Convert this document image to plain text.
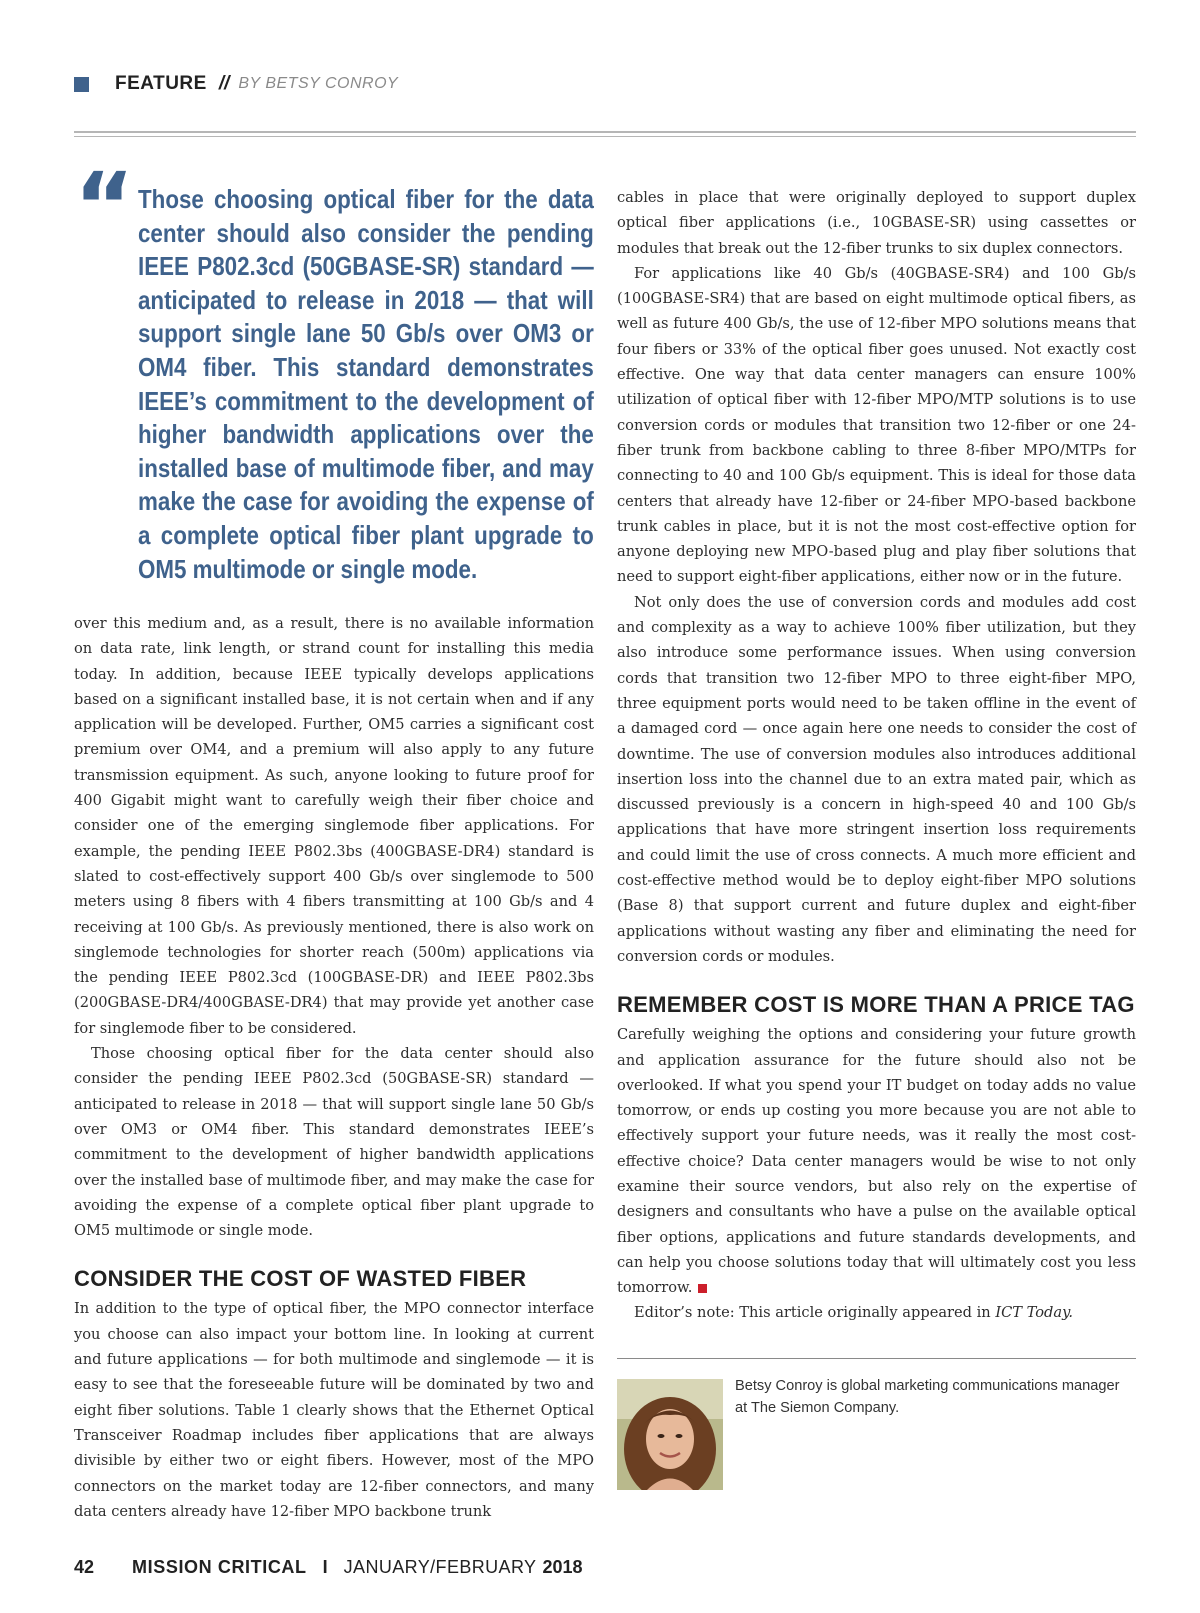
FEATURE // BY BETSY CONROY
“ Those choosing optical fiber for the data center should also consider the pending IEEE P802.3cd (50GBASE-SR) standard — anticipated to release in 2018 — that will support single lane 50 Gb/s over OM3 or OM4 fiber. This standard demonstrates IEEE’s commitment to the development of higher bandwidth applications over the installed base of multimode fiber, and may make the case for avoiding the expense of a complete optical fiber plant upgrade to OM5 multimode or single mode.

over this medium and, as a result, there is no available information on data rate, link length, or strand count for installing this media today. In addition, because IEEE typically develops applications based on a significant installed base, it is not certain when and if any application will be developed. Further, OM5 carries a significant cost premium over OM4, and a premium will also apply to any future transmission equipment. As such, anyone looking to future proof for 400 Gigabit might want to carefully weigh their fiber choice and consider one of the emerging singlemode fiber applications. For example, the pending IEEE P802.3bs (400GBASE-DR4) standard is slated to cost-effectively support 400 Gb/s over singlemode to 500 meters using 8 fibers with 4 fibers transmitting at 100 Gb/s and 4 receiving at 100 Gb/s. As previously mentioned, there is also work on singlemode technologies for shorter reach (500m) applications via the pending IEEE P802.3cd (100GBASE-DR) and IEEE P802.3bs (200GBASE-DR4/400GBASE-DR4) that may provide yet another case for singlemode fiber to be considered.

Those choosing optical fiber for the data center should also consider the pending IEEE P802.3cd (50GBASE-SR) standard — anticipated to release in 2018 — that will support single lane 50 Gb/s over OM3 or OM4 fiber. This standard demonstrates IEEE’s commitment to the development of higher bandwidth applications over the installed base of multimode fiber, and may make the case for avoiding the expense of a complete optical fiber plant upgrade to OM5 multimode or single mode.

CONSIDER THE COST OF WASTED FIBER

In addition to the type of optical fiber, the MPO connector interface you choose can also impact your bottom line. In looking at current and future applications — for both multimode and singlemode — it is easy to see that the foreseeable future will be dominated by two and eight fiber solutions. Table 1 clearly shows that the Ethernet Optical Transceiver Roadmap includes fiber applications that are always divisible by either two or eight fibers. However, most of the MPO connectors on the market today are 12-fiber connectors, and many data centers already have 12-fiber MPO backbone trunk

cables in place that were originally deployed to support duplex optical fiber applications (i.e., 10GBASE-SR) using cassettes or modules that break out the 12-fiber trunks to six duplex connectors.

For applications like 40 Gb/s (40GBASE-SR4) and 100 Gb/s (100GBASE-SR4) that are based on eight multimode optical fibers, as well as future 400 Gb/s, the use of 12-fiber MPO solutions means that four fibers or 33% of the optical fiber goes unused. Not exactly cost effective. One way that data center managers can ensure 100% utilization of optical fiber with 12-fiber MPO/MTP solutions is to use conversion cords or modules that transition two 12-fiber or one 24-fiber trunk from backbone cabling to three 8-fiber MPO/MTPs for connecting to 40 and 100 Gb/s equipment. This is ideal for those data centers that already have 12-fiber or 24-fiber MPO-based backbone trunk cables in place, but it is not the most cost-effective option for anyone deploying new MPO-based plug and play fiber solutions that need to support eight-fiber applications, either now or in the future.

Not only does the use of conversion cords and modules add cost and complexity as a way to achieve 100% fiber utilization, but they also introduce some performance issues. When using conversion cords that transition two 12-fiber MPO to three eight-fiber MPO, three equipment ports would need to be taken offline in the event of a damaged cord — once again here one needs to consider the cost of downtime. The use of conversion modules also introduces additional insertion loss into the channel due to an extra mated pair, which as discussed previously is a concern in high-speed 40 and 100 Gb/s applications that have more stringent insertion loss requirements and could limit the use of cross connects. A much more efficient and cost-effective method would be to deploy eight-fiber MPO solutions (Base 8) that support current and future duplex and eight-fiber applications without wasting any fiber and eliminating the need for conversion cords or modules.

REMEMBER COST IS MORE THAN A PRICE TAG

Carefully weighing the options and considering your future growth and application assurance for the future should also not be overlooked. If what you spend your IT budget on today adds no value tomorrow, or ends up costing you more because you are not able to effectively support your future needs, was it really the most cost-effective choice? Data center managers would be wise to not only examine their source vendors, but also rely on the expertise of designers and consultants who have a pulse on the available optical fiber options, applications and future standards developments, and can help you choose solutions today that will ultimately cost you less tomorrow.

Editor’s note: This article originally appeared in ICT Today.

Betsy Conroy is global marketing communications manager at The Siemon Company.
42 MISSION CRITICAL I JANUARY/FEBRUARY 2018
